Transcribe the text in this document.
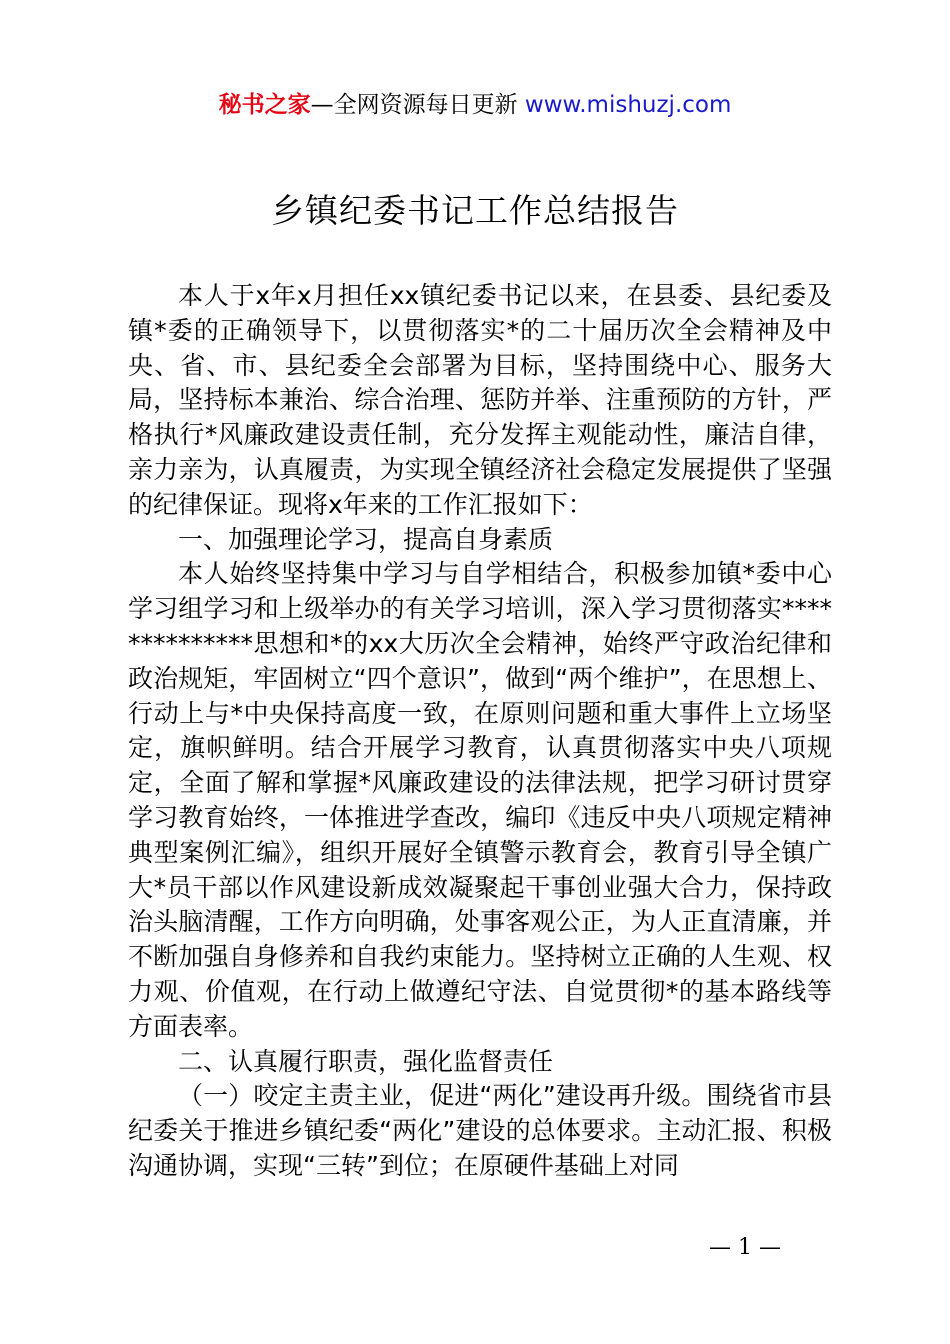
秘书之家—全网资源每日更新 www.mishuzj.com
乡镇纪委书记工作总结报告

本人于x年x月担任xx镇纪委书记以来，在县委、县纪委及镇*委的正确领导下，以贯彻落实*的二十届历次全会精神及中央、省、市、县纪委全会部署为目标，坚持围绕中心、服务大局，坚持标本兼治、综合治理、惩防并举、注重预防的方针，严格执行*风廉政建设责任制，充分发挥主观能动性，廉洁自律，亲力亲为，认真履责，为实现全镇经济社会稳定发展提供了坚强的纪律保证。现将x年来的工作汇报如下：

一、加强理论学习，提高自身素质

本人始终坚持集中学习与自学相结合，积极参加镇*委中心学习组学习和上级举办的有关学习培训，深入学习贯彻落实**************思想和*的xx大历次全会精神，始终严守政治纪律和政治规矩，牢固树立“四个意识”，做到“两个维护”，在思想上、行动上与*中央保持高度一致，在原则问题和重大事件上立场坚定，旗帜鲜明。结合开展学习教育，认真贯彻落实中央八项规定，全面了解和掌握*风廉政建设的法律法规，把学习研讨贯穿学习教育始终，一体推进学查改，编印《违反中央八项规定精神典型案例汇编》，组织开展好全镇警示教育会，教育引导全镇广大*员干部以作风建设新成效凝聚起干事创业强大合力，保持政治头脑清醒，工作方向明确，处事客观公正，为人正直清廉，并不断加强自身修养和自我约束能力。坚持树立正确的人生观、权力观、价值观，在行动上做遵纪守法、自觉贯彻*的基本路线等方面表率。

二、认真履行职责，强化监督责任

（一）咬定主责主业，促进“两化”建设再升级。围绕省市县纪委关于推进乡镇纪委“两化”建设的总体要求。主动汇报、积极沟通协调，实现“三转”到位；在原硬件基础上对同

— 1 —
